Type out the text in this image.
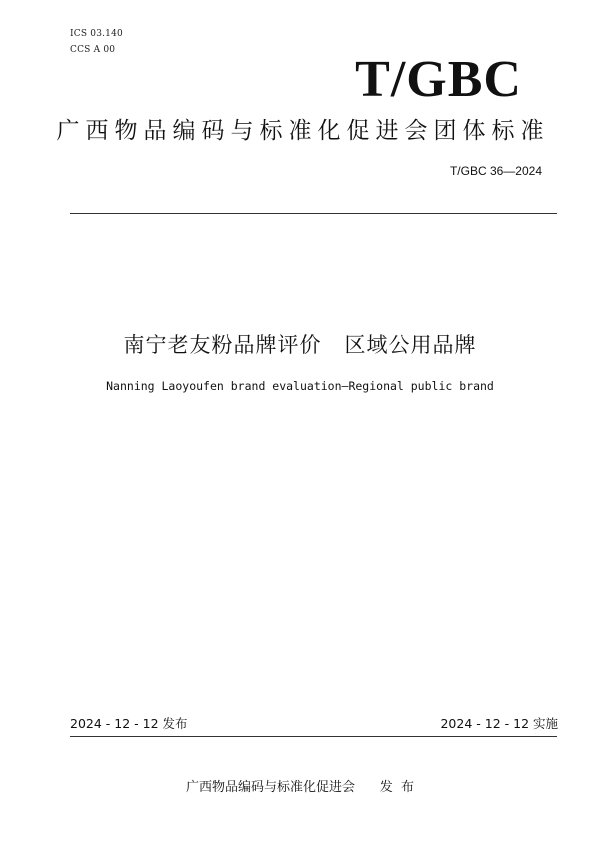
ICS 03.140
CCS A 00
T/GBC
广西物品编码与标准化促进会团体标准
T/GBC 36—2024
南宁老友粉品牌评价   区域公用品牌
Nanning Laoyoufen brand evaluation—Regional public brand
2024 - 12 - 12 发布	2024 - 12 - 12 实施
广西物品编码与标准化促进会      发  布
